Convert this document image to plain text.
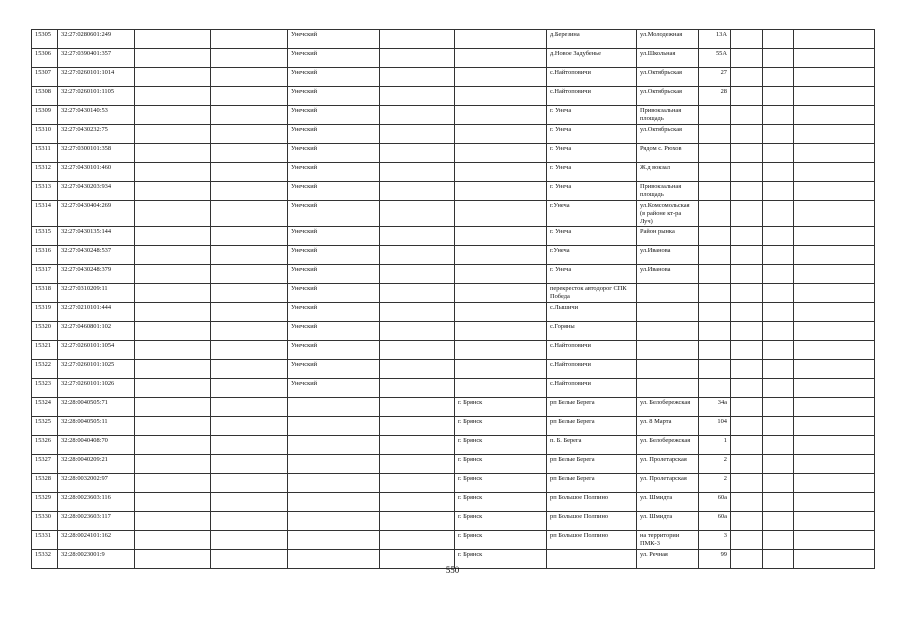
15305	32:27:0280601:249			Унечский			д.Березина	ул.Молодежная	13А			
15306	32:27:0390401:357			Унечский			д.Новое Задубенье	ул.Школьная	55А			
15307	32:27:0260101:1014			Унечский			с.Найтоповичи	ул.Октябрьская	27			
15308	32:27:0260101:1105			Унечский			с.Найтоповичи	ул.Октябрьская	28			
15309	32:27:0430140:53			Унечский			г. Унеча	Привокзальная площадь				
15310	32:27:0430232:75			Унечский			г. Унеча	ул.Октябрьская				
15311	32:27:0300101:358			Унечский			г. Унеча	Рядом с. Рюхов				
15312	32:27:0430101:460			Унечский			г. Унеча	Ж.д вокзал				
15313	32:27:0430203:934			Унечский			г. Унеча	Привокзальная площадь				
15314	32:27:0430404:269			Унечский			г.Унеча	ул.Комсомольская (в районе кт-ра Луч)				
15315	32:27:0430135:144			Унечский			г. Унеча	Район рынка				
15316	32:27:0430248:537			Унечский			г.Унеча	ул.Иванова				
15317	32:27:0430248:379			Унечский			г. Унеча	ул.Иванова				
15318	32:27:0310209:11			Унечский			перекресток автодорог СПК Победа					
15319	32:27:0210101:444			Унечский			с.Лышичи					
15320	32:27:0460801:102			Унечский			с.Горяны					
15321	32:27:0260101:1054			Унечский			с.Найтоповичи					
15322	32:27:0260101:1025			Унечский			с.Найтоповичи					
15323	32:27:0260101:1026			Унечский			с.Найтоповичи					
15324	32:28:0040505:71					г. Брянск	рп Белые Берега	ул. Белобережская	34а			
15325	32:28:0040505:11					г. Брянск	рп Белые Берега	ул. 8 Марта	104			
15326	32:28:0040408:70					г. Брянск	п. Б. Берега	ул. Белобережская	1			
15327	32:28:0040209:21					г. Брянск	рп Белые Берега	ул. Пролетарская	2			
15328	32:28:0032002:97					г. Брянск	рп Белые Берега	ул. Пролетарская	2			
15329	32:28:0023603:116					г. Брянск	рп Большое Полпино	ул. Шмидта	60а			
15330	32:28:0023603:117					г. Брянск	рп Большое Полпино	ул. Шмидта	60а			
15331	32:28:0024101:162					г. Брянск	рп Большое Полпино	на территории ПМК-3	3			
15332	32:28:0023001:9					г. Брянск		ул. Речная	99			
550
